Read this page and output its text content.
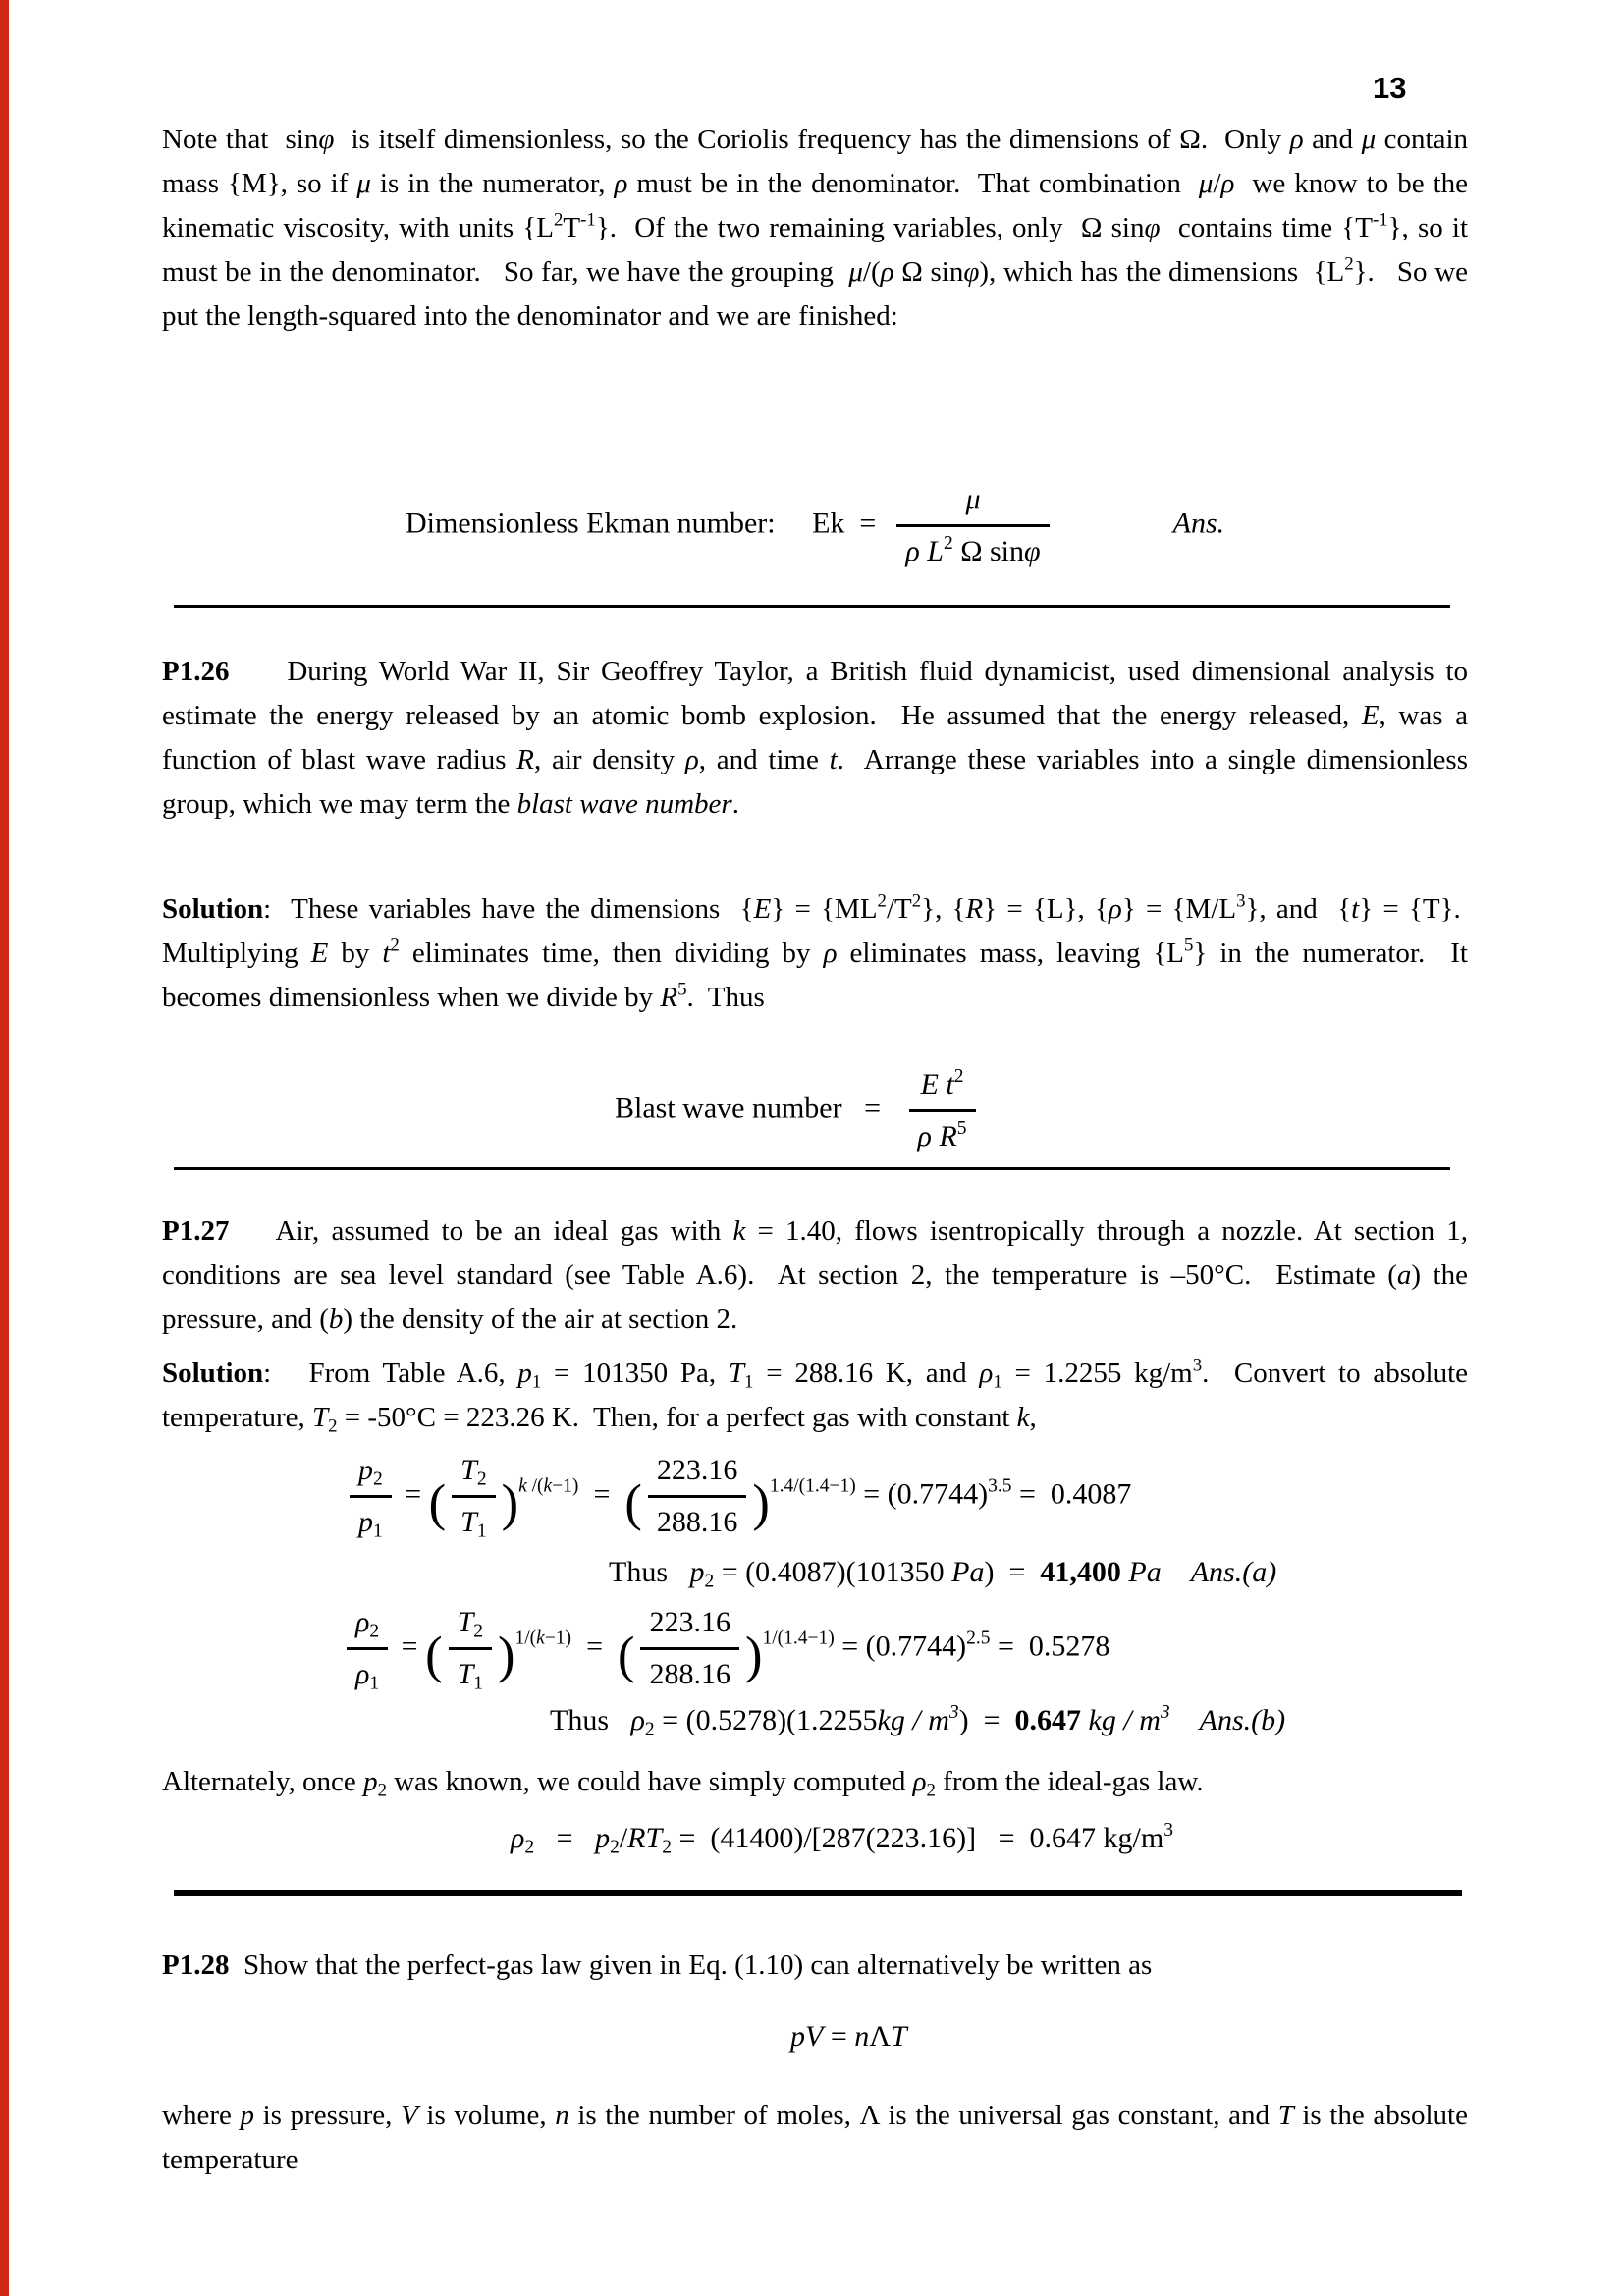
13

Note that  sinφ  is itself dimensionless, so the Coriolis frequency has the dimensions of Ω.  Only ρ and μ contain mass {M}, so if μ is in the numerator, ρ must be in the denominator.  That combination  μ/ρ  we know to be the kinematic viscosity, with units $\{L^2T^{-1}\}$.  Of the two remaining variables, only  Ω sinφ  contains time $\{T^{-1}\}$, so it must be in the denominator.   So far, we have the grouping  μ/(ρ Ω sinφ), which has the dimensions  $\{L^2\}$.   So we put the length-squared into the denominator and we are finished:

Dimensionless Ekman number:     $Ek = \frac{\mu}{\rho L^2 \Omega \sin\varphi}$	Ans.

P1.26     During World War II, Sir Geoffrey Taylor, a British fluid dynamicist, used dimensional analysis to estimate the energy released by an atomic bomb explosion.  He assumed that the energy released, E, was a function of blast wave radius R, air density ρ, and time t.  Arrange these variables into a single dimensionless group, which we may term the blast wave number.

Solution:  These variables have the dimensions  $\{E\} = \{ML^2/T^2\}$, {R} = {L}, $\{\rho\} = \{M/L^3\}$, and  {t} = {T}.  Multiplying E by $t^2$ eliminates time, then dividing by ρ eliminates mass, leaving $\{L^5\}$ in the numerator.  It becomes dimensionless when we divide by $R^5$.  Thus

Blast wave number   = $\frac{E t^2}{\rho R^5}$

P1.27    Air, assumed to be an ideal gas with k = 1.40, flows isentropically through a nozzle. At section 1, conditions are sea level standard (see Table A.6).  At section 2, the temperature is –50°C.  Estimate (a) the pressure, and (b) the density of the air at section 2.

Solution:   From Table A.6, $p_1 = 101350$ Pa, $T_1 = 288.16$ K, and $\rho_1 = 1.2255$ $kg/m^3$.  Convert to absolute temperature, $T_2 = -50^\circ C = 223.26$ K.  Then, for a perfect gas with constant k,

$\frac{p_2}{p_1}$ = ( $\frac{T_2}{T_1} )^k$ $^{/(k-1)}$  =  ( $\frac{223.16}{288.16} )^{1.4/(1.4-1)} = (0.7744)^{3.5} = 0.4087$
Thus   $p_2 = (0.4087)(101350$ Pa)  =  41,400 Pa Ans.(a)
$\frac{\rho_2}{\rho_1}$ = ( $\frac{T_2}{T_1} )^{1/(k-1)}$  =  ( $\frac{223.16}{288.16} )^{1/(1.4-1)} = (0.7744)^{2.5} = 0.5278$
Thus   $\rho_2 = (0.5278)(1.2255kg / m^3) = 0.647$ kg / $m^3$ Ans.(b)

Alternately, once $p_2$ was known, we could have simply computed $\rho_2$ from the ideal-gas law.

$\rho_2 = p_2/RT_2 = (41400)/[287(223.16)] = 0.647$ $kg/m^3$

P1.28  Show that the perfect-gas law given in Eq. (1.10) can alternatively be written as

pV = nΛT

where p is pressure, V is volume, n is the number of moles, Λ is the universal gas constant, and T is the absolute temperature
